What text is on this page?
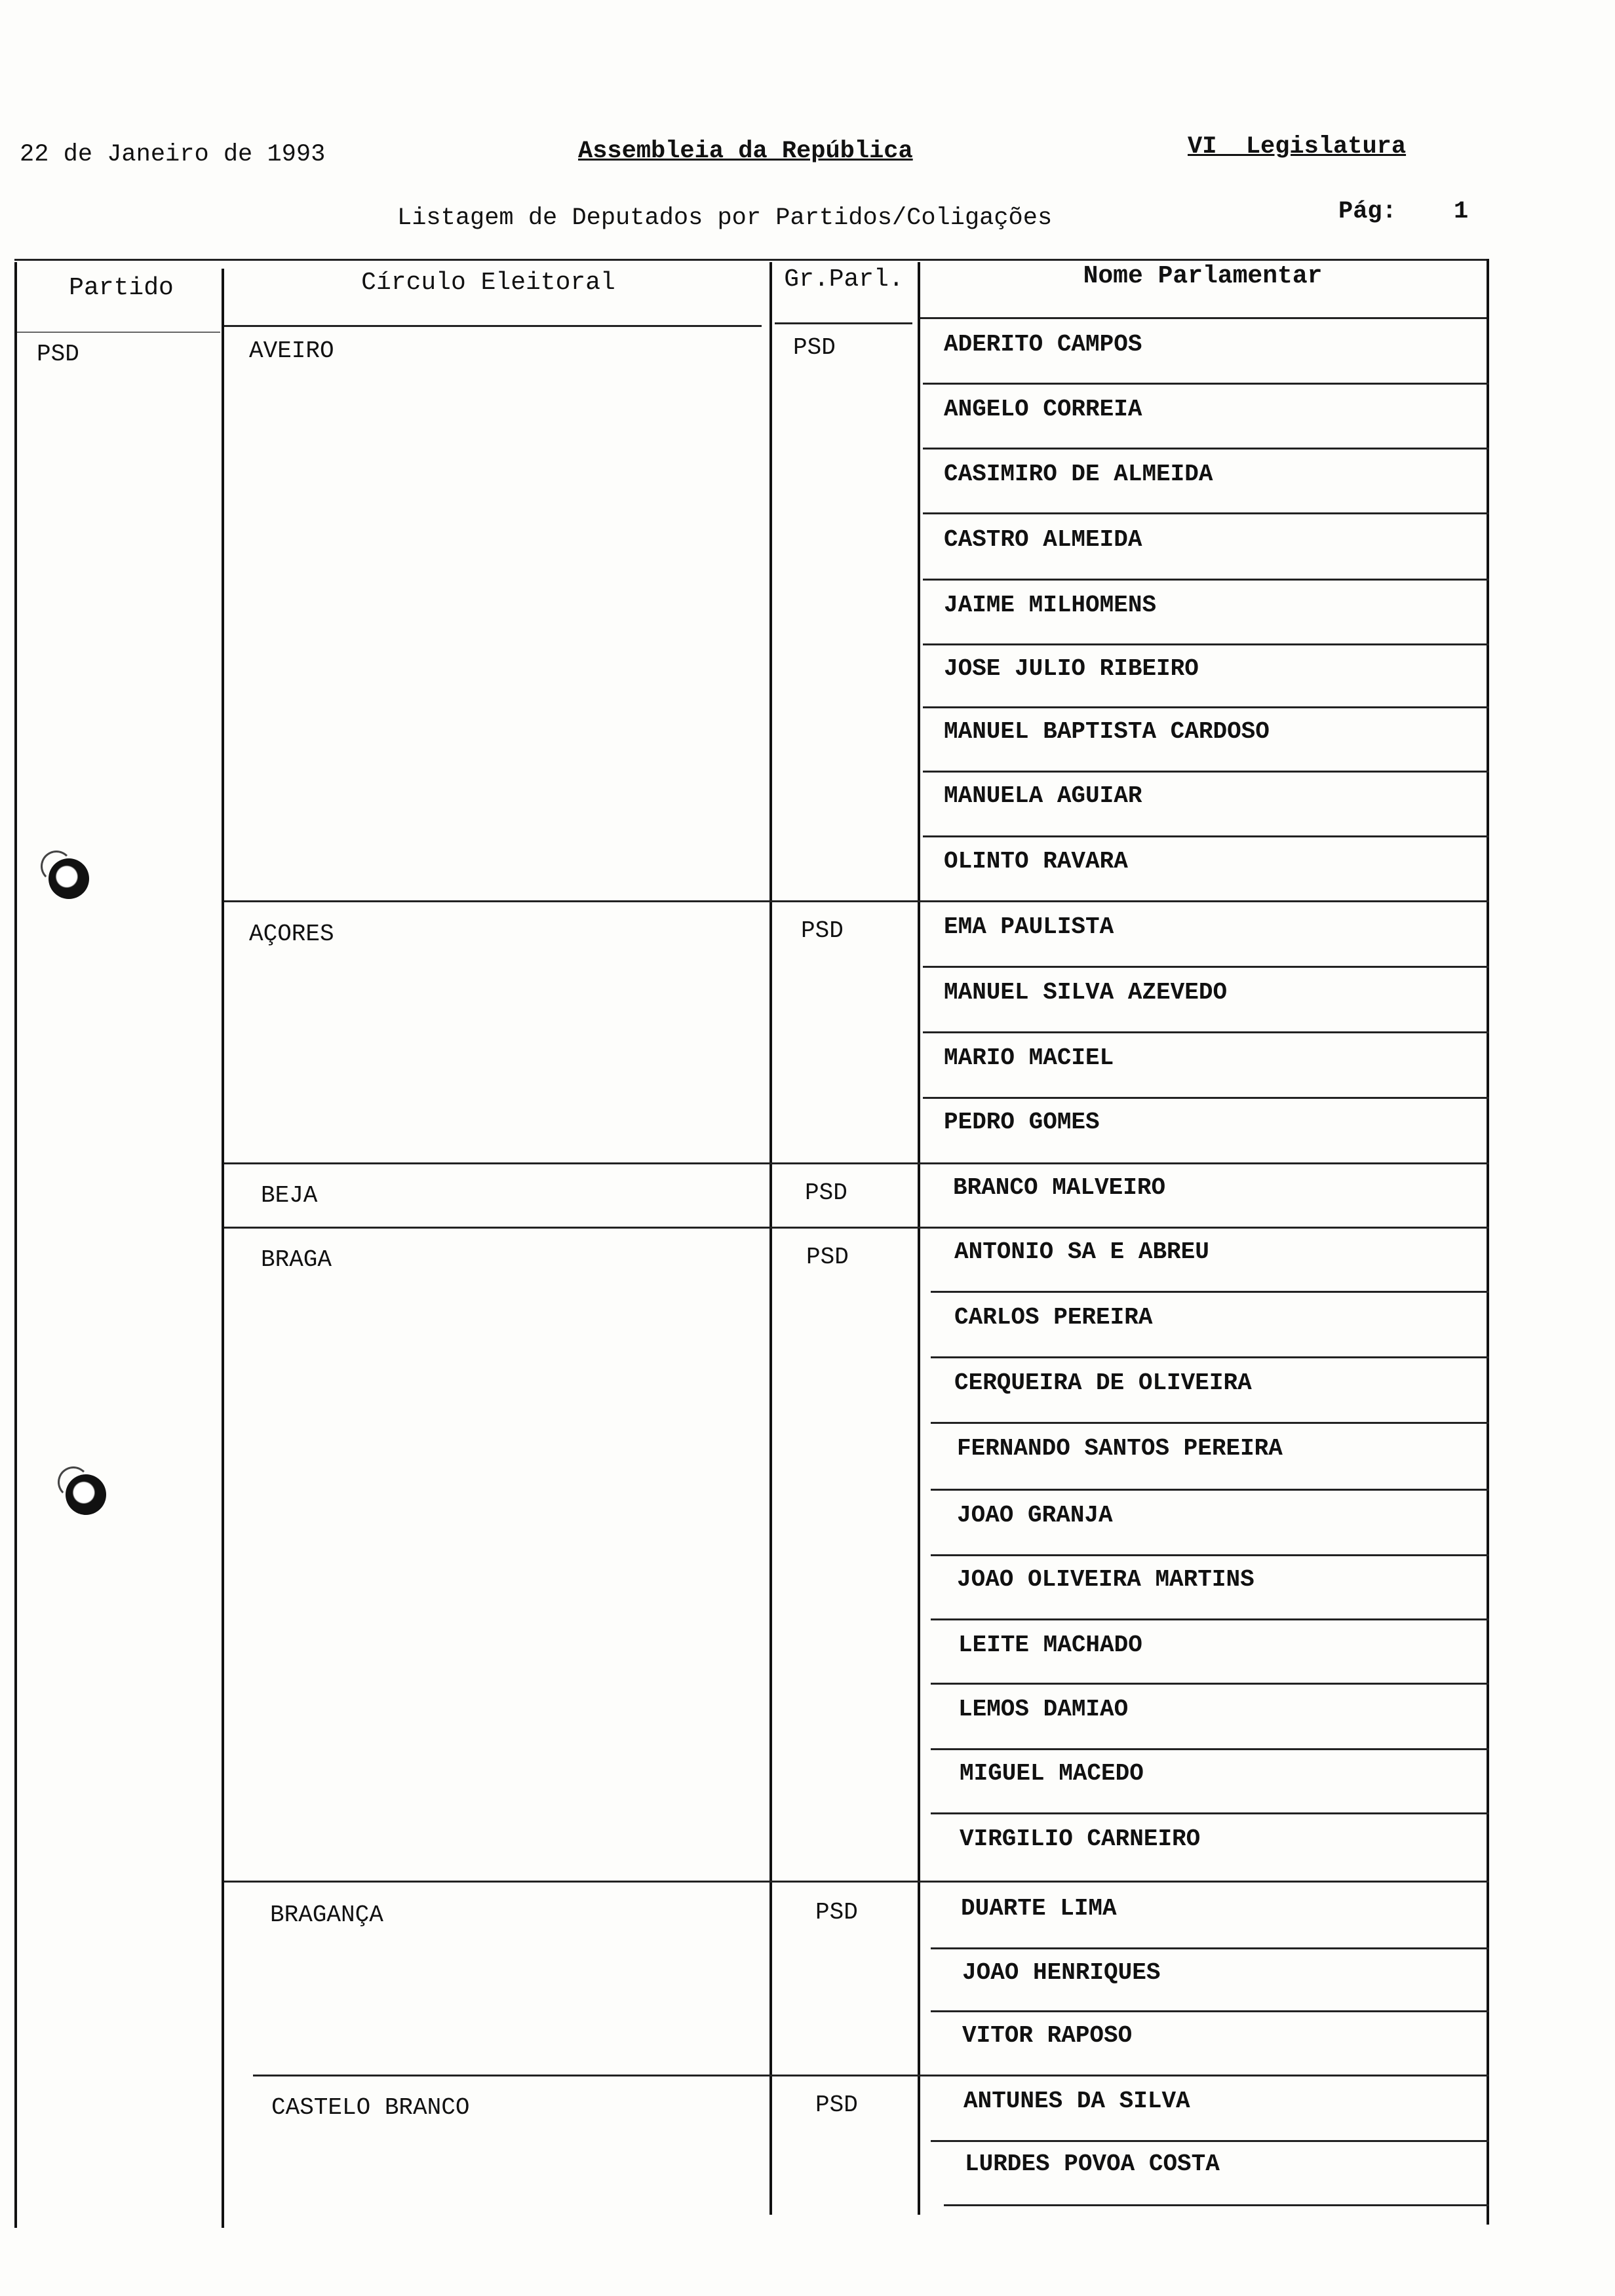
22 de Janeiro de 1993	Assembleia da República	VI  Legislatura
Listagem de Deputados por Partidos/Coligações	Pág: 1
Partido	Círculo Eleitoral	Gr.Parl.	Nome Parlamentar
PSD	AVEIRO	PSD	ADERITO CAMPOS
ANGELO CORREIA
CASIMIRO DE ALMEIDA
CASTRO ALMEIDA
JAIME MILHOMENS
JOSE JULIO RIBEIRO
MANUEL BAPTISTA CARDOSO
MANUELA AGUIAR
OLINTO RAVARA
AÇORES	PSD	EMA PAULISTA
MANUEL SILVA AZEVEDO
MARIO MACIEL
PEDRO GOMES
BEJA	PSD	BRANCO MALVEIRO
BRAGA	PSD	ANTONIO SA E ABREU
CARLOS PEREIRA
CERQUEIRA DE OLIVEIRA
FERNANDO SANTOS PEREIRA
JOAO GRANJA
JOAO OLIVEIRA MARTINS
LEITE MACHADO
LEMOS DAMIAO
MIGUEL MACEDO
VIRGILIO CARNEIRO
BRAGANÇA	PSD	DUARTE LIMA
JOAO HENRIQUES
VITOR RAPOSO
CASTELO BRANCO	PSD	ANTUNES DA SILVA
LURDES POVOA COSTA
